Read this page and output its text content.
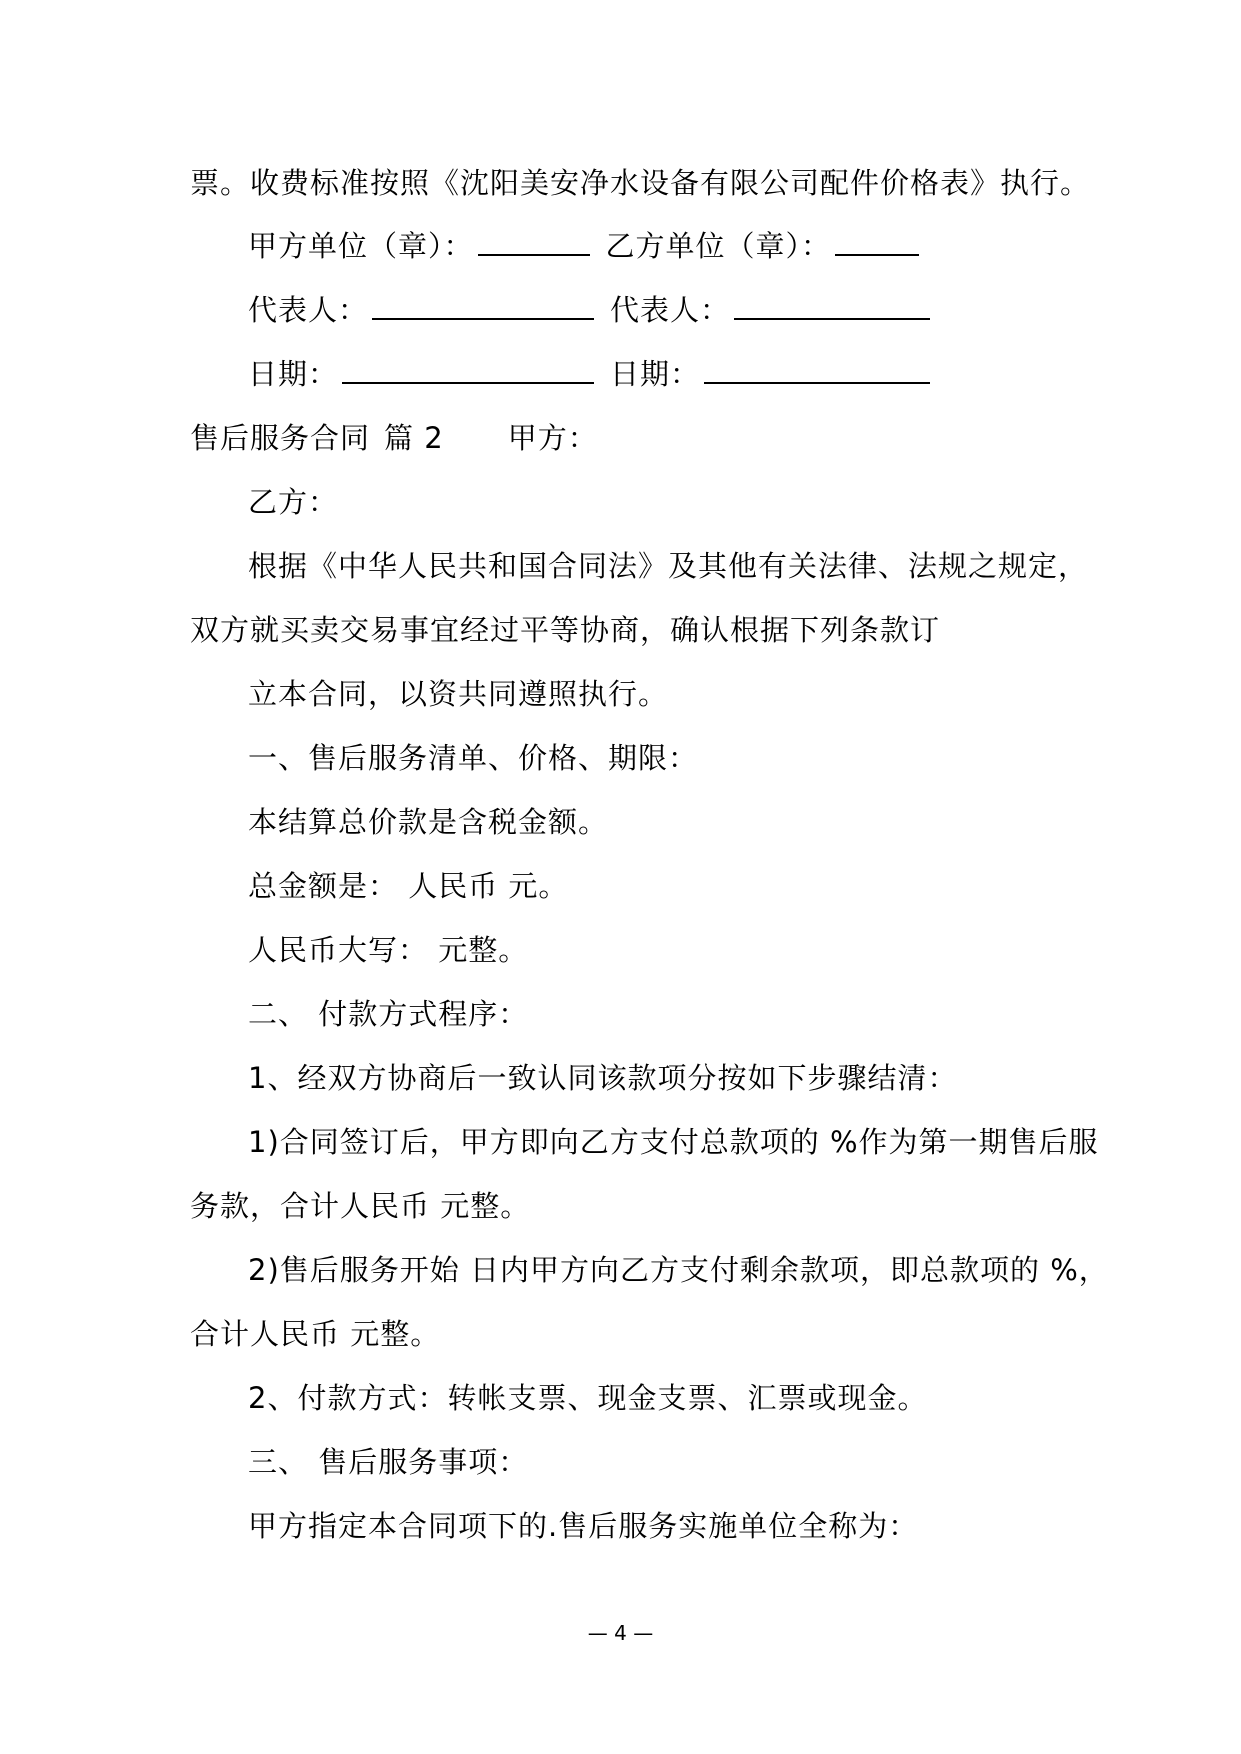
票。收费标准按照《沈阳美安净水设备有限公司配件价格表》执行。
甲方单位（章）：	乙方单位（章）：
代表人：	代表人：
日期：	日期：
售后服务合同 篇 2 甲方：
乙方：
根据《中华人民共和国合同法》及其他有关法律、法规之规定，
双方就买卖交易事宜经过平等协商，确认根据下列条款订
立本合同，以资共同遵照执行。
一、售后服务清单、价格、期限：
本结算总价款是含税金额。
总金额是： 人民币 元。
人民币大写： 元整。
二、 付款方式程序：
1、经双方协商后一致认同该款项分按如下步骤结清：
1)合同签订后，甲方即向乙方支付总款项的 %作为第一期售后服
务款，合计人民币 元整。
2)售后服务开始 日内甲方向乙方支付剩余款项，即总款项的 %，
合计人民币 元整。
2、付款方式：转帐支票、现金支票、汇票或现金。
三、 售后服务事项：
甲方指定本合同项下的.售后服务实施单位全称为：
— 4 —
